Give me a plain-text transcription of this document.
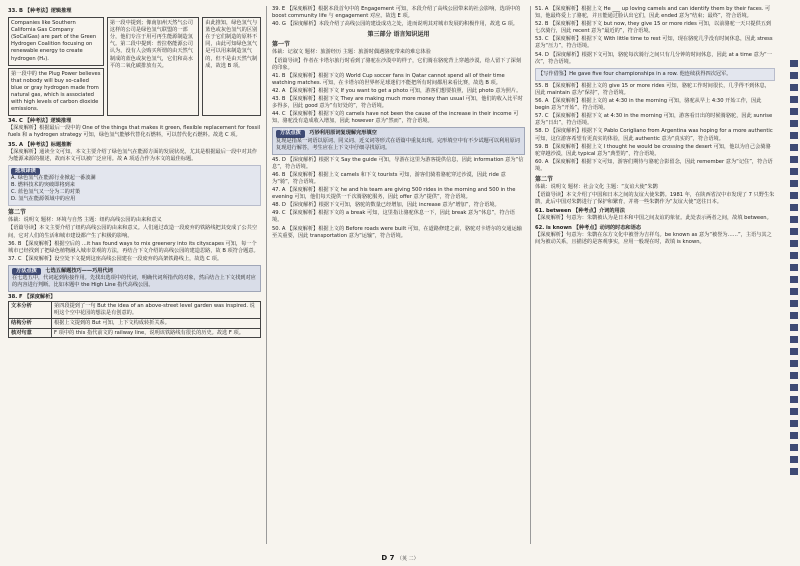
33. B 【种考法】逻辑推理
Companies like Southern California Gas Company (SoCalGas) are part of the Green Hydrogen Coalition focusing on renewable energy to create hydrogen (H₂).
第一段中的 the Plug Power believes that nobody will buy so-called blue or gray hydrogen made from natural gas, which is associated with high levels of carbon dioxide emissions.
第一段中提到；像南加州天然气公司这样的公司是绿色氢气联盟的一部分，他们专注于用可再生能源制造氢气。第二段中提到：普拉格能源公司认为，没有人会购买所谓的由天然气制成的蓝色或灰色氢气，它们和高水平的二氧化碳排放有关。
由此推知，绿色氢气与蓝色或灰色氢气的区别在于它们制造的原料不同，由此可知绿色氢气是可以用来制造氢气的，但不是由天然气制成，故选 B 项。
34. C 【种考法】逻辑推理
【深度解析】根据最后一段中的 One of the things that makes it green, flexible replacement for fossil fuels 和 a hydrogen strategy 可知，绿色氢气能够代替化石燃料，可以替代化石燃料。故选 C 项。
35. A 【种考法】标题推断
【深度解析】通读全文可知，本文主要介绍了绿色氢气在能源方面的发展状况，尤其是根据最后一段中对其作为能源来源的描述，故而本文可以被广泛应用。故 A 项适合作为本文的最佳标题。
选项译读
A. 绿色氢气在能源行业掀起一番波澜
B. 燃料技术的突破即将到来
C. 蓝色氢气又一分为二的对策
D. 氢气在能源领域中的应用
第二节
体裁：说明文 题材：环境与自然 主题：纽约高线公园的由来和意义
【语篇导读】本文主要介绍了纽约高线公园的由来和意义。人们通过改造一段废弃的铁路线把其变成了公共空间，它对人们的生活和城市建设都产生了积极的影响。
36. B 【深度解析】根据空后的 ...it has found ways to mix greenery into its cityscapes 可知，每一个城市已经找到了把绿色植物融入城市景观的方法，再结合下文介绍的高线公园的建造思路，故 B 项符合题意。
37. C 【深度解析】设空处下文提到这座高线公园建在一段废弃的高架铁路线上，故选 C 项。
方法点拨 七选五解题技巧——巧用代词
在七选五中，代词起到衔接作用。先找出选项中的代词，明确代词所指代的对象，然后结合上下文找到对应的内容进行判断。比如本题中 the High Line 指代高线公园。
38. F 【深度解析】
文本分析	第四段提到了一句 But the idea of an above-street level garden was inspired. 说明这个空中花园的想法是有创意的。
结构分析	根据上文提到的 But 可知，上下文构成转折关系。
核对句意	F 项中的 this 指代前文的 railway line，说明该铁路线有很长的历史。故选 F 项。
39. E 【深度解析】根据本段首句中的 Engagement 可知，本段介绍了高线公园带来的社会影响，选项中的 boost community life 与 engagement 对应。故选 E 项。
40. G 【深度解析】本段介绍了高线公园的建设成功之处，进而说明其对城市发展的积极作用，故选 G 项。
第三部分 语言知识运用
第一节
体裁：记叙文 题材：旅游经历 主题：旅游时偶遇骆驼带来的难忘体验
【语篇导读】作者在卡塔尔旅行时看到了骆驼在沙漠中的样子，它们骑在骆驼背上穿越沙漠，给人留下了深刻的印象。
41. B 【深度解析】根据下文的 World Cup soccer fans in Qatar cannot spend all of their time watching matches. 可知，在卡塔尔的世界杯足球迷们不能把所有时间都用来看比赛，故选 B 项。
42. A 【深度解析】根据下文 If you want to get a photo 可知，游客们想要拍照，因此 photo 意为照片。
43. B 【深度解析】根据下文 They are making much more money than usual 可知，他们的收入比平时多得多，因此 good 意为“有好处的”，符合语境。
44. C 【深度解析】根据下文的 camels have not been the cause of the increase in their income 可知，骆驼没有造成收入增加，因此 however 意为“然而”，符合语境。
方法点拨 巧妙利用原词复现解完形填空
复现是指某一词语以原词、同义词、近义词等形式在语篇中重复出现。完形填空中有不少试题可以利用原词复现进行解答，考生应在上下文中仔细寻找原词。
45. D 【深度解析】根据下文 Say the guide 可知，导游在这里为游客提供信息，因此 information 意为“信息”，符合语境。
46. B 【深度解析】根据上文 camels 和下文 tourists 可知，游客们骑着骆驼穿过沙漠，因此 ride 意为“骑”，符合语境。
47. A 【深度解析】根据下文 he and his team are giving 500 rides in the morning and 500 in the evening 可知，他们每天提供一千次骑骆驼服务，因此 offer 意为“提供”，符合语境。
48. D 【深度解析】根据下文可知，骆驼的数量已经增加，因此 increase 意为“增加”，符合语境。
49. C 【深度解析】根据下文的 a break 可知，这里指让骆驼休息一下，因此 break 意为“休息”，符合语境。
50. A 【深度解析】根据上文的 Before roads were built 可知，在道路修建之前，骆驼对卡塔尔的交通运输至关重要，因此 transportation 意为“运输”，符合语境。
51. A 【深度解析】根据上文 He ___ up loving camels and can identify them by their faces. 可知，他最终爱上了骆驼，并且能通过脸认出它们，因此 ended 意为“结束；最终”，符合语境。
52. B 【深度解析】根据下文 but now, they give 15 or more rides 可知，以前骆驼一天只提供五到七次骑行，因此 recent 意为“最近的”，符合语境。
53. C 【深度解析】根据下文 With little time to rest 可知，现在骆驼几乎没有时间休息，因此 stress 意为“压力”，符合语境。
54. D 【深度解析】根据下文可知，骆驼每次骑行之间只有几分钟的时间休息，因此 at a time 意为“一次”，符合语境。
【写作借鉴】He gave five four championships in a row. 他连续获得四次冠军。
55. B 【深度解析】根据上文的 give 15 or more rides 可知，骆驼工作时间很长，几乎得不到休息，因此 maintain 意为“保持”，符合语境。
56. A 【深度解析】根据上文的 at 4:30 in the morning 可知，骆驼从早上 4:30 开始工作，因此 begin 意为“开始”，符合语境。
57. C 【深度解析】根据下文 at 4:30 in the morning 可知，游客看日出的时候骑骆驼，因此 sunrise 意为“日出”，符合语境。
58. D 【深度解析】根据下文 Pablo Corigliano from Argentina was hoping for a more authentic 可知，这位游客希望有更真实的体验，因此 authentic 意为“真实的”，符合语境。
59. B 【深度解析】根据上文 I thought he would be crossing the desert 可知，他以为自己会骑骆驼穿越沙漠，因此 typical 意为“典型的”，符合语境。
60. A 【深度解析】根据下文可知，游客们期待与骆驼合影留念，因此 remember 意为“记住”，符合语境。
第二节
体裁：说明文 题材：社会文化 主题：“友谊大使”朱鹮
【语篇导读】本文介绍了中国和日本之间的友谊大使朱鹮。1981 年，在陕西省汉中市发现了 7 只野生朱鹮，此后中国对朱鹮进行了保护和繁育，并将一些朱鹮作为“友谊大使”送往日本。
61. between 【种考点】介词的用法
【深度解析】句意为：朱鹮被认为是日本和中国之间友谊的象征。此处表示两者之间，故填 between。
62. is known 【种考点】动词的时态和语态
【深度解析】句意为：朱鹮在东方文化中被誉为吉祥鸟。be known as 意为“被誉为……”，主语与其之间为被动关系，且描述的是客观事实，应用一般现在时，故填 is known。
D 7 （英 二）
